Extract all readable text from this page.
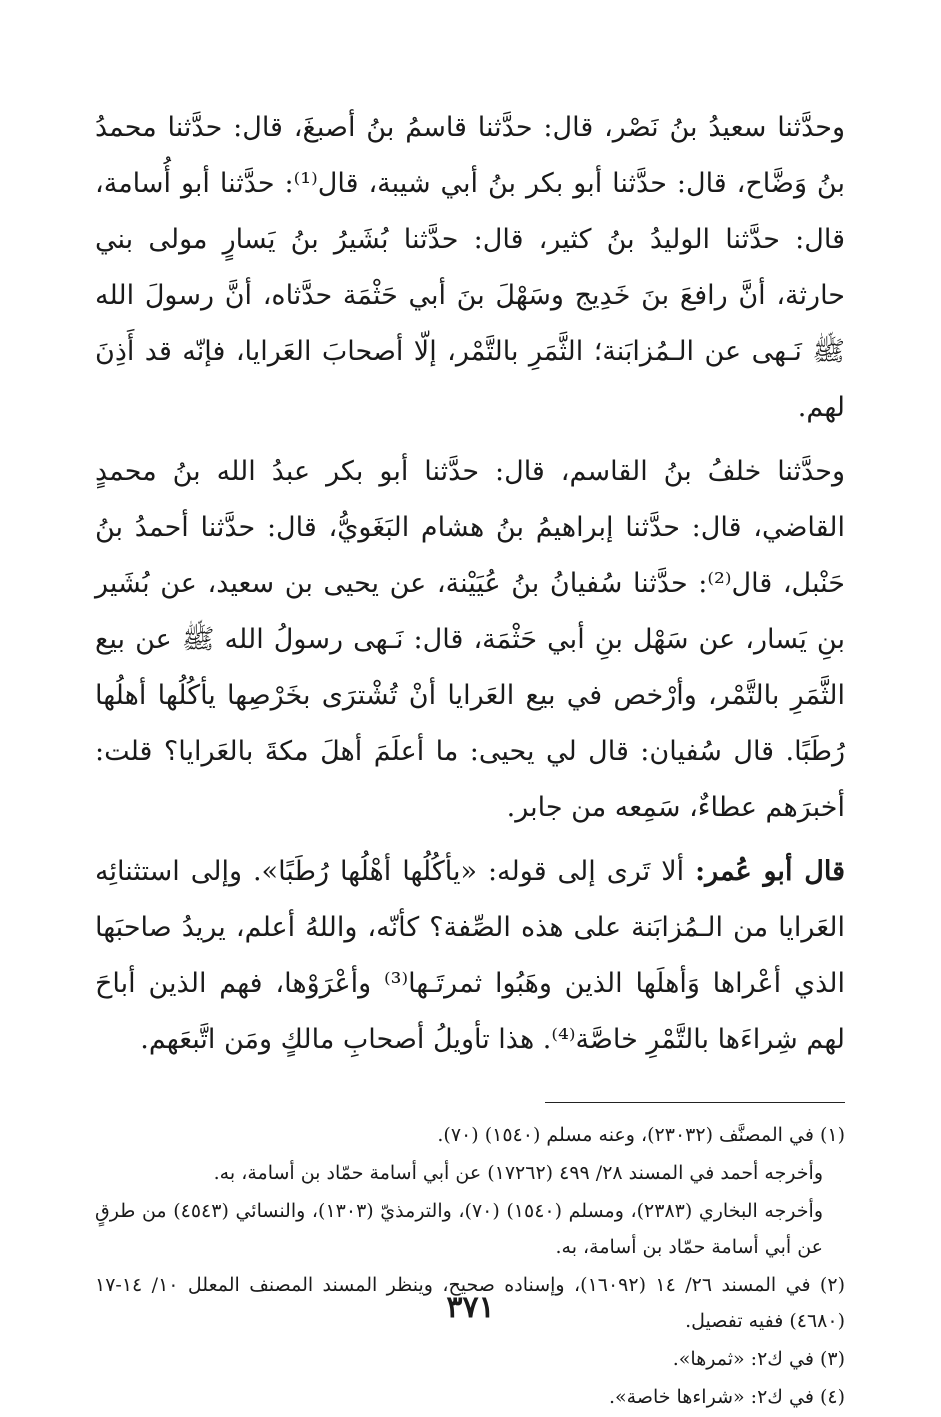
وحدَّثنا سعيدُ بنُ نَصْر، قال: حدَّثنا قاسمُ بنُ أصبغَ، قال: حدَّثنا محمدُ بنُ وَضَّاح، قال: حدَّثنا أبو بكر بنُ أبي شيبة، قال⁽¹⁾: حدَّثنا أبو أُسامة، قال: حدَّثنا الوليدُ بنُ كثير، قال: حدَّثنا بُشَيرُ بنُ يَسارٍ مولى بني حارثة، أنَّ رافعَ بنَ خَدِيج وسَهْلَ بنَ أبي حَثْمَة حدَّثاه، أنَّ رسولَ الله ﷺ نَـهى عن الـمُزابَنة؛ الثَّمَرِ بالتَّمْر، إلّا أصحابَ العَرايا، فإنّه قد أَذِنَ لهم.

وحدَّثنا خلفُ بنُ القاسم، قال: حدَّثنا أبو بكر عبدُ الله بنُ محمدٍ القاضي، قال: حدَّثنا إبراهيمُ بنُ هشام البَغَويُّ، قال: حدَّثنا أحمدُ بنُ حَنْبل، قال⁽²⁾: حدَّثنا سُفيانُ بنُ عُيَيْنة، عن يحيى بن سعيد، عن بُشَير بنِ يَسار، عن سَهْل بنِ أبي حَثْمَة، قال: نَـهى رسولُ الله ﷺ عن بيع الثَّمَرِ بالتَّمْر، وأرْخص في بيع العَرايا أنْ تُشْترَى بخَرْصِها يأكُلُها أهلُها رُطَبًا. قال سُفيان: قال لي يحيى: ما أعلَمَ أهلَ مكةَ بالعَرايا؟ قلت: أخبرَهم عطاءٌ، سَمِعه من جابر.

قال أبو عُمر: ألا تَرى إلى قوله: «يأكُلُها أهْلُها رُطَبًا». وإلى استثنائِه العَرايا من الـمُزابَنة على هذه الصِّفة؟ كأنّه، واللهُ أعلم، يريدُ صاحبَها الذي أعْراها وَأهلَها الذين وهَبُوا ثمرتَـها⁽³⁾ وأعْرَوْها، فهم الذين أباحَ لهم شِراءَها بالتَّمْرِ خاصَّة⁽⁴⁾. هذا تأويلُ أصحابِ مالكٍ ومَن اتَّبعَهم.

(١) في المصنَّف (٢٣٠٣٢)، وعنه مسلم (١٥٤٠) (٧٠).

وأخرجه أحمد في المسند ٢٨/ ٤٩٩ (١٧٢٦٢) عن أبي أسامة حمّاد بن أسامة، به.

وأخرجه البخاري (٢٣٨٣)، ومسلم (١٥٤٠) (٧٠)، والترمذيّ (١٣٠٣)، والنسائي (٤٥٤٣) من طرقٍ عن أبي أسامة حمّاد بن أسامة، به.

(٢) في المسند ٢٦/ ١٤ (١٦٠٩٢)، وإسناده صحيح، وينظر المسند المصنف المعلل ١٠/ ١٤-١٧ (٤٦٨٠) ففيه تفصيل.

(٣) في ك٢: «ثمرها».

(٤) في ك٢: «شراءها خاصة».

٣٧١
